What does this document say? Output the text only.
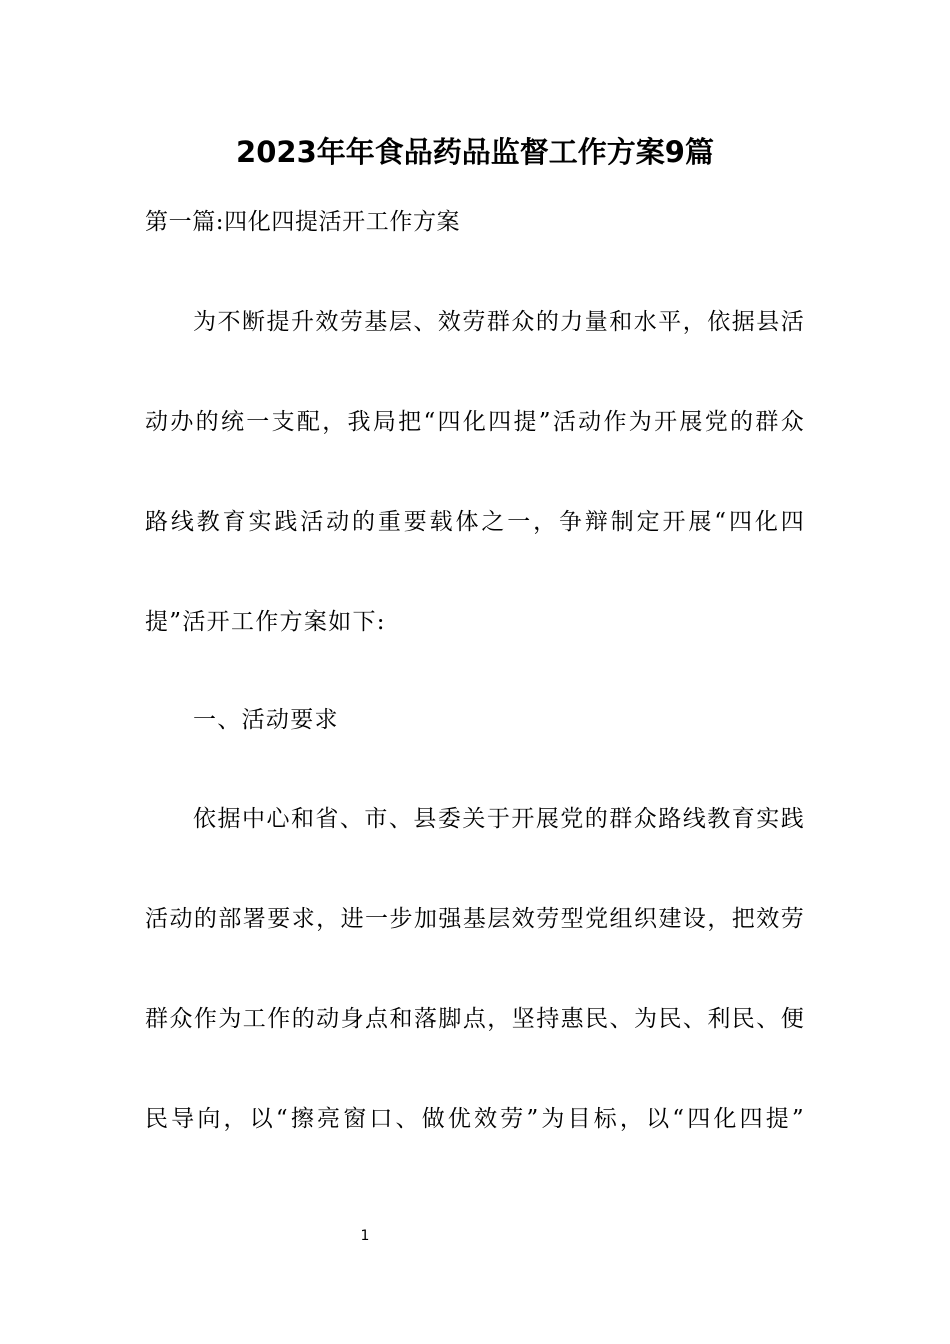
2023年年食品药品监督工作方案9篇
第一篇:四化四提活开工作方案
为不断提升效劳基层、效劳群众的力量和水平，依据县活
动办的统一支配，我局把“四化四提”活动作为开展党的群众
路线教育实践活动的重要载体之一，争辩制定开展“四化四
提”活开工作方案如下:
一、活动要求
依据中心和省、市、县委关于开展党的群众路线教育实践
活动的部署要求，进一步加强基层效劳型党组织建设，把效劳
群众作为工作的动身点和落脚点，坚持惠民、为民、利民、便
民导向，以“擦亮窗口、做优效劳”为目标，以“四化四提”
1
